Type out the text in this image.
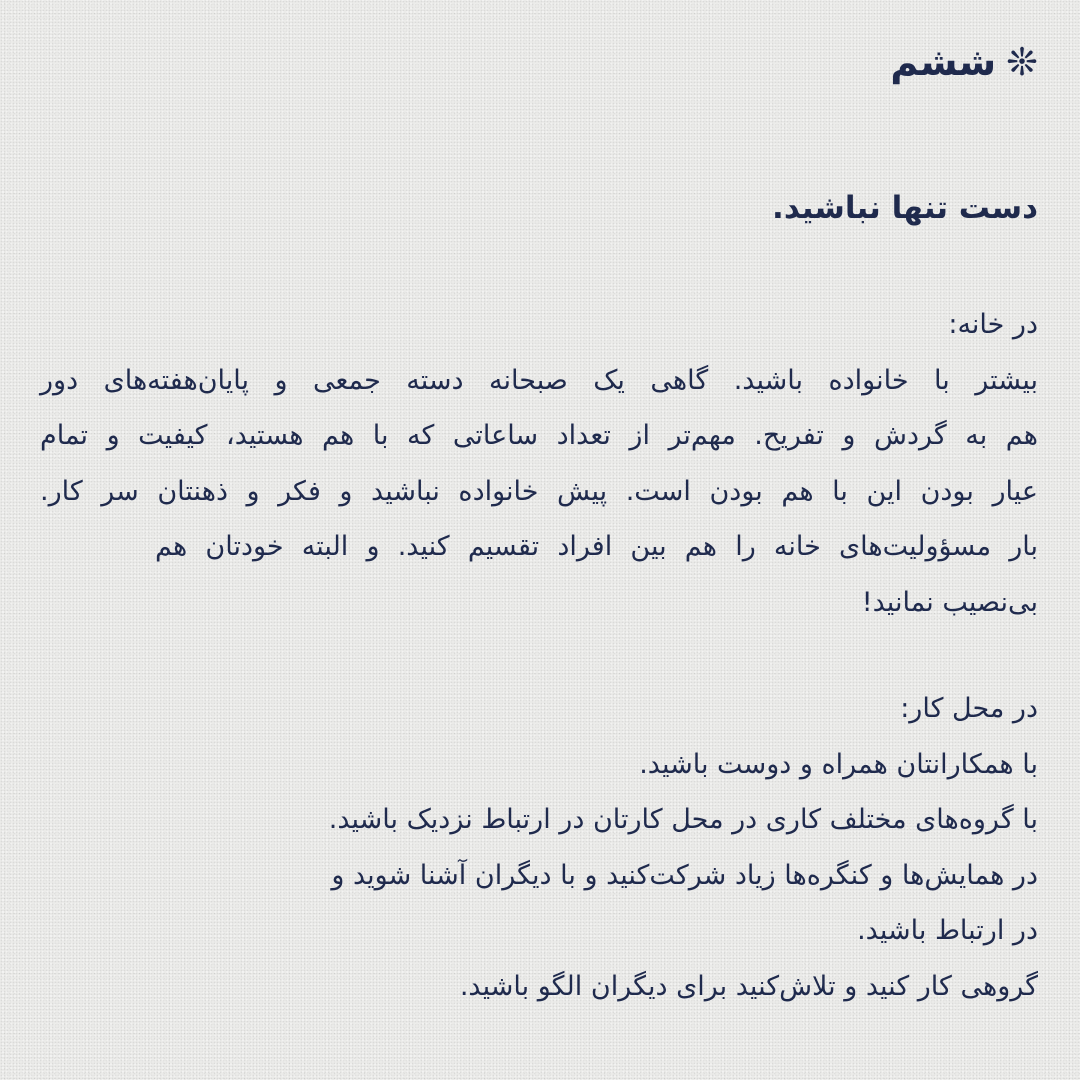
❊ششم
دست تنها نباشید.
در خانه:
بیشتر با خانواده باشید. گاهی یک صبحانه دسته جمعی و پایان‌هفته‌های دور
هم به گردش و تفریح. مهم‌تر از تعداد ساعاتی که با هم هستید، کیفیت و تمام
عیار بودن این با هم بودن است. پیش خانواده نباشید و فکر و ذهنتان سر کار.
بار مسؤولیت‌های خانه را هم بین افراد تقسیم کنید. و البته خودتان هم
بی‌نصیب نمانید!
در محل کار:
با همکارانتان همراه و دوست باشید.
با گروه‌های مختلف کاری در محل کارتان در ارتباط نزدیک باشید.
در همایش‌ها و کنگره‌ها زیاد شرکت‌کنید و با دیگران آشنا شوید و
در ارتباط باشید.
گروهی کار کنید و تلاش‌کنید برای دیگران الگو باشید.
